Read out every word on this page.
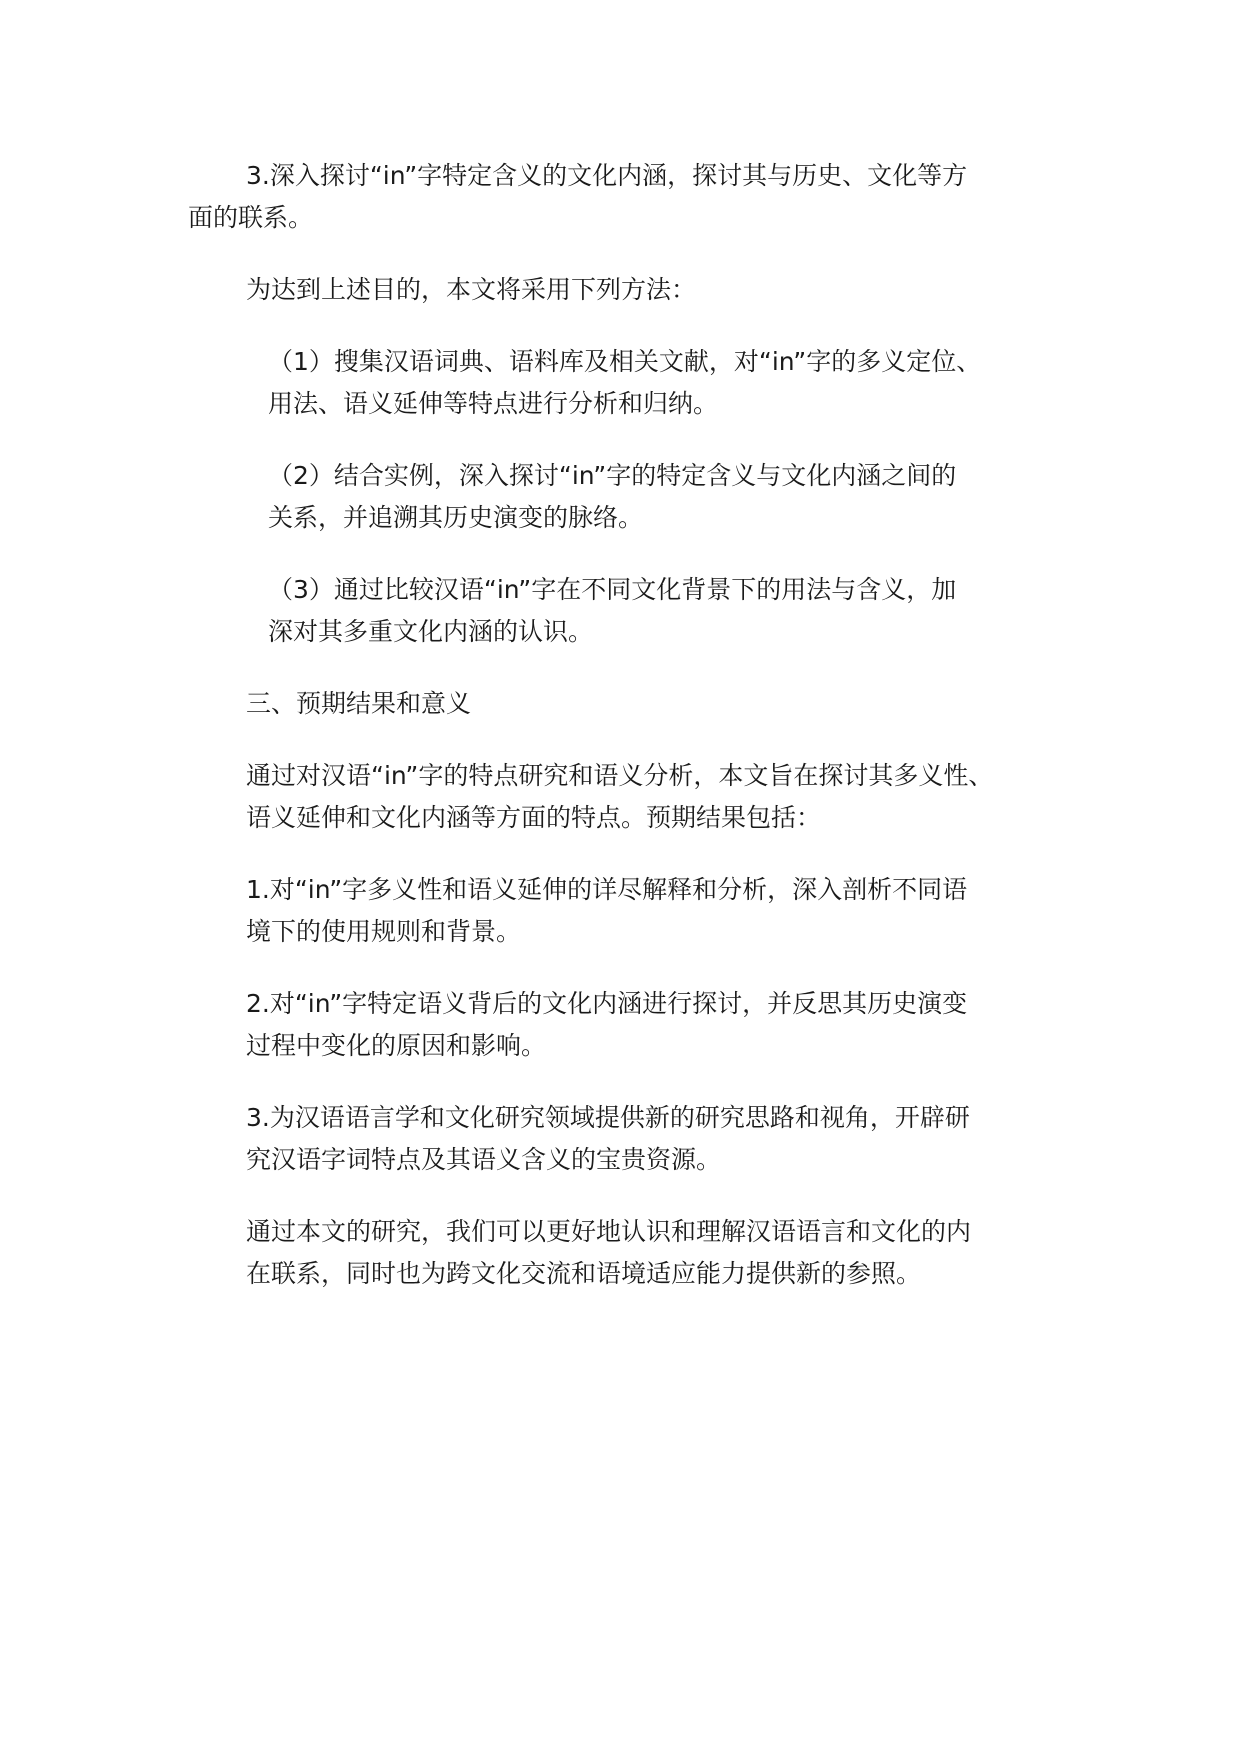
3.深入探讨“in”字特定含义的文化内涵，探讨其与历史、文化等方
面的联系。

为达到上述目的，本文将采用下列方法：

（1）搜集汉语词典、语料库及相关文献，对“in”字的多义定位、
用法、语义延伸等特点进行分析和归纳。

（2）结合实例，深入探讨“in”字的特定含义与文化内涵之间的
关系，并追溯其历史演变的脉络。

（3）通过比较汉语“in”字在不同文化背景下的用法与含义，加
深对其多重文化内涵的认识。

三、预期结果和意义

通过对汉语“in”字的特点研究和语义分析，本文旨在探讨其多义性、
语义延伸和文化内涵等方面的特点。预期结果包括：

1.对“in”字多义性和语义延伸的详尽解释和分析，深入剖析不同语
境下的使用规则和背景。

2.对“in”字特定语义背后的文化内涵进行探讨，并反思其历史演变
过程中变化的原因和影响。

3.为汉语语言学和文化研究领域提供新的研究思路和视角，开辟研
究汉语字词特点及其语义含义的宝贵资源。

通过本文的研究，我们可以更好地认识和理解汉语语言和文化的内
在联系，同时也为跨文化交流和语境适应能力提供新的参照。
